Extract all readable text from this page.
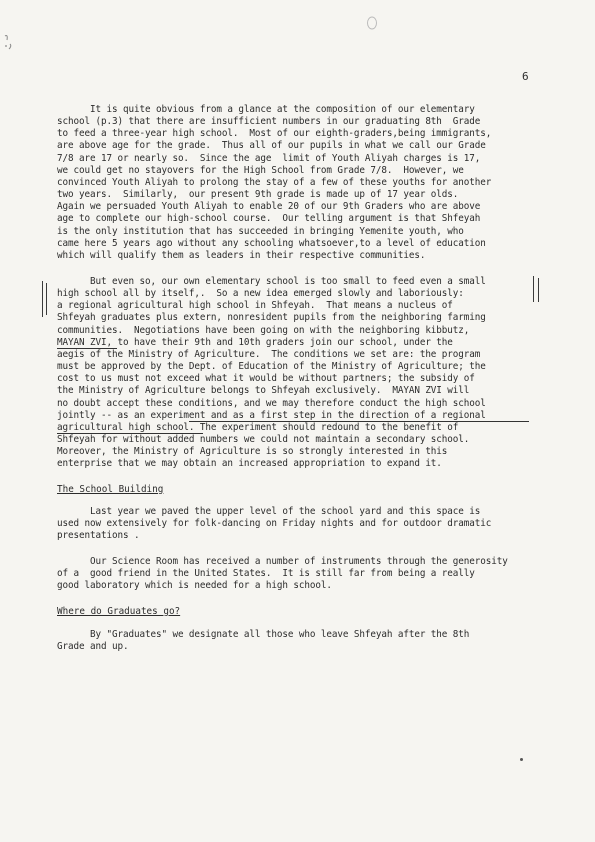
6
It is quite obvious from a glance at the composition of our elementary
school (p.3) that there are insufficient numbers in our graduating 8th  Grade
to feed a three-year high school.  Most of our eighth-graders,being immigrants,
are above age for the grade.  Thus all of our pupils in what we call our Grade
7/8 are 17 or nearly so.  Since the age  limit of Youth Aliyah charges is 17,
we could get no stayovers for the High School from Grade 7/8.  However, we
convinced Youth Aliyah to prolong the stay of a few of these youths for another
two years.  Similarly,  our present 9th grade is made up of 17 year olds.
Again we persuaded Youth Aliyah to enable 20 of our 9th Graders who are above
age to complete our high-school course.  Our telling argument is that Shfeyah
is the only institution that has succeeded in bringing Yemenite youth, who
came here 5 years ago without any schooling whatsoever,to a level of education
which will qualify them as leaders in their respective communities.
But even so, our own elementary school is too small to feed even a small
high school all by itself,.  So a new idea emerged slowly and laboriously:
a regional agricultural high school in Shfeyah.  That means a nucleus of
Shfeyah graduates plus extern, nonresident pupils from the neighboring farming
communities.  Negotiations have been going on with the neighboring kibbutz,
MAYAN ZVI, to have their 9th and 10th graders join our school, under the
aegis of the Ministry of Agriculture.  The conditions we set are: the program
must be approved by the Dept. of Education of the Ministry of Agriculture; the
cost to us must not exceed what it would be without partners; the subsidy of
the Ministry of Agriculture belongs to Shfeyah exclusively.  MAYAN ZVI will
no doubt accept these conditions, and we may therefore conduct the high school
jointly -- as an experiment and as a first step in the direction of a regional
agricultural high school. The experiment should redound to the benefit of
Shfeyah for without added numbers we could not maintain a secondary school.
Moreover, the Ministry of Agriculture is so strongly interested in this
enterprise that we may obtain an increased appropriation to expand it.
The School Building
Last year we paved the upper level of the school yard and this space is
used now extensively for folk-dancing on Friday nights and for outdoor dramatic
presentations .
Our Science Room has received a number of instruments through the generosity
of a  good friend in the United States.  It is still far from being a really
good laboratory which is needed for a high school.
Where do Graduates go?
By "Graduates" we designate all those who leave Shfeyah after the 8th
Grade and up.
